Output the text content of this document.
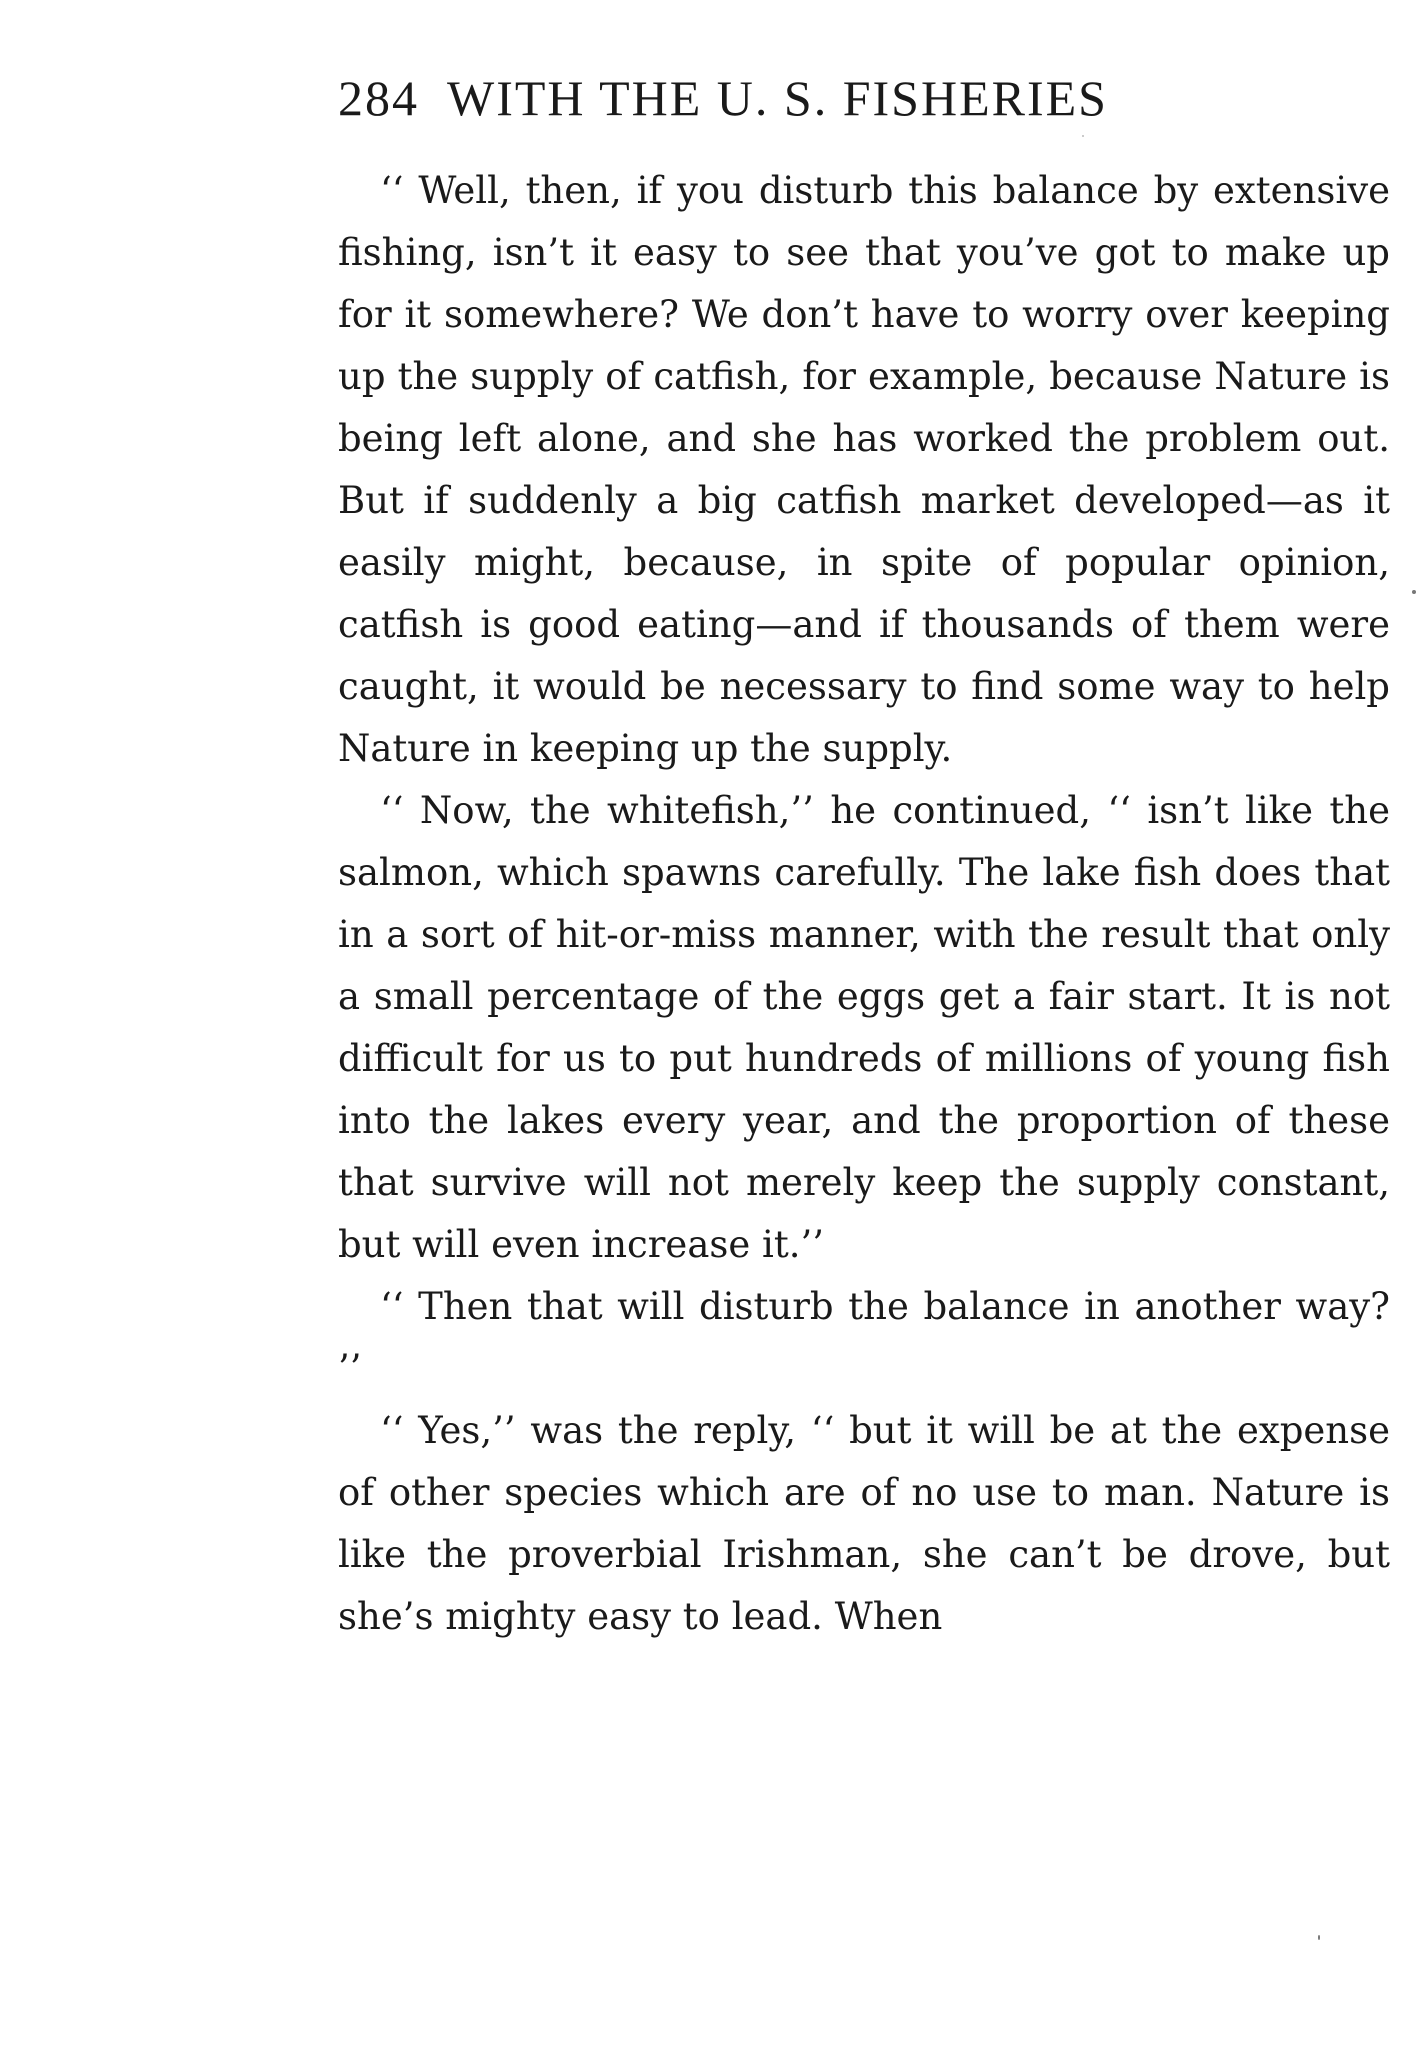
284 WITH THE U. S. FISHERIES

‘‘ Well, then, if you disturb this balance by extensive fishing, isn’t it easy to see that you’ve got to make up for it somewhere? We don’t have to worry over keeping up the supply of catfish, for example, because Nature is being left alone, and she has worked the problem out. But if suddenly a big catfish market developed—as it easily might, because, in spite of popular opinion, catfish is good eating—and if thousands of them were caught, it would be necessary to find some way to help Nature in keeping up the supply.

‘‘ Now, the whitefish,’’ he continued, ‘‘ isn’t like the salmon, which spawns carefully. The lake fish does that in a sort of hit-or-miss manner, with the result that only a small percentage of the eggs get a fair start. It is not difficult for us to put hundreds of millions of young fish into the lakes every year, and the proportion of these that survive will not merely keep the supply constant, but will even increase it.’’

‘‘ Then that will disturb the balance in another way? ’’

‘‘ Yes,’’ was the reply, ‘‘ but it will be at the expense of other species which are of no use to man. Nature is like the proverbial Irishman, she can’t be drove, but she’s mighty easy to lead. When
